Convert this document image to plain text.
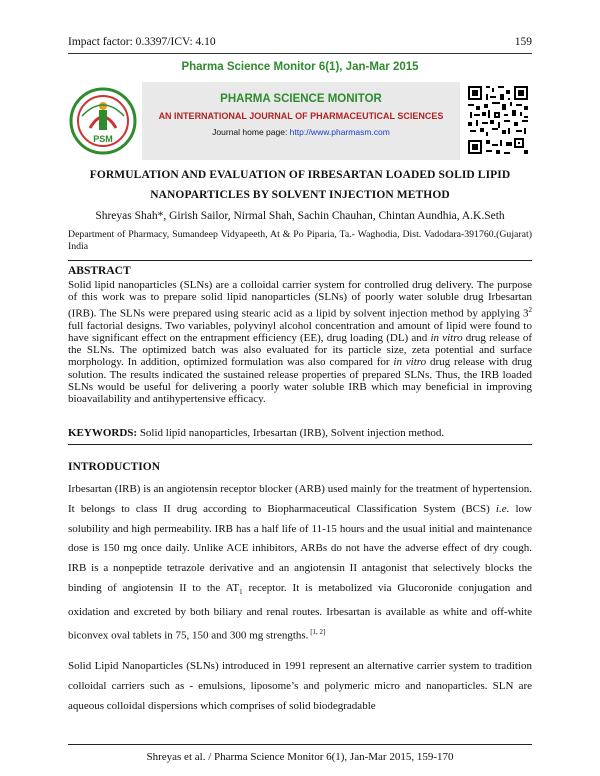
Impact factor: 0.3397/ICV: 4.10	159
Pharma Science Monitor 6(1), Jan-Mar 2015
PSM
PHARMA SCIENCE MONITOR
AN INTERNATIONAL JOURNAL OF PHARMACEUTICAL SCIENCES
Journal home page: http://www.pharmasm.com
FORMULATION AND EVALUATION OF IRBESARTAN LOADED SOLID LIPID
NANOPARTICLES BY SOLVENT INJECTION METHOD
Shreyas Shah*, Girish Sailor, Nirmal Shah, Sachin Chauhan, Chintan Aundhia, A.K.Seth
Department of Pharmacy, Sumandeep Vidyapeeth, At & Po Piparia, Ta.- Waghodia, Dist. Vadodara-391760.(Gujarat) India
ABSTRACT
Solid lipid nanoparticles (SLNs) are a colloidal carrier system for controlled drug delivery. The purpose of this work was to prepare solid lipid nanoparticles (SLNs) of poorly water soluble drug Irbesartan (IRB). The SLNs were prepared using stearic acid as a lipid by solvent injection method by applying $3^2$ full factorial designs. Two variables, polyvinyl alcohol concentration and amount of lipid were found to have significant effect on the entrapment efficiency (EE), drug loading (DL) and in vitro drug release of the SLNs. The optimized batch was also evaluated for its particle size, zeta potential and surface morphology. In addition, optimized formulation was also compared for in vitro drug release with drug solution. The results indicated the sustained release properties of prepared SLNs. Thus, the IRB loaded SLNs would be useful for delivering a poorly water soluble IRB which may beneficial in improving bioavailability and antihypertensive efficacy.
KEYWORDS: Solid lipid nanoparticles, Irbesartan (IRB), Solvent injection method.
INTRODUCTION
Irbesartan (IRB) is an angiotensin receptor blocker (ARB) used mainly for the treatment of hypertension. It belongs to class II drug according to Biopharmaceutical Classification System (BCS) i.e. low solubility and high permeability. IRB has a half life of 11-15 hours and the usual initial and maintenance dose is 150 mg once daily. Unlike ACE inhibitors, ARBs do not have the adverse effect of dry cough. IRB is a nonpeptide tetrazole derivative and an angiotensin II antagonist that selectively blocks the binding of angiotensin II to the $AT_1$ receptor. It is metabolized via Glucoronide conjugation and oxidation and excreted by both biliary and renal routes. Irbesartan is available as white and off-white biconvex oval tablets in 75, 150 and 300 mg strengths. [1, 2]
Solid Lipid Nanoparticles (SLNs) introduced in 1991 represent an alternative carrier system to tradition colloidal carriers such as - emulsions, liposome’s and polymeric micro and nanoparticles. SLN are aqueous colloidal dispersions which comprises of solid biodegradable
Shreyas et al. / Pharma Science Monitor 6(1), Jan-Mar 2015, 159-170
